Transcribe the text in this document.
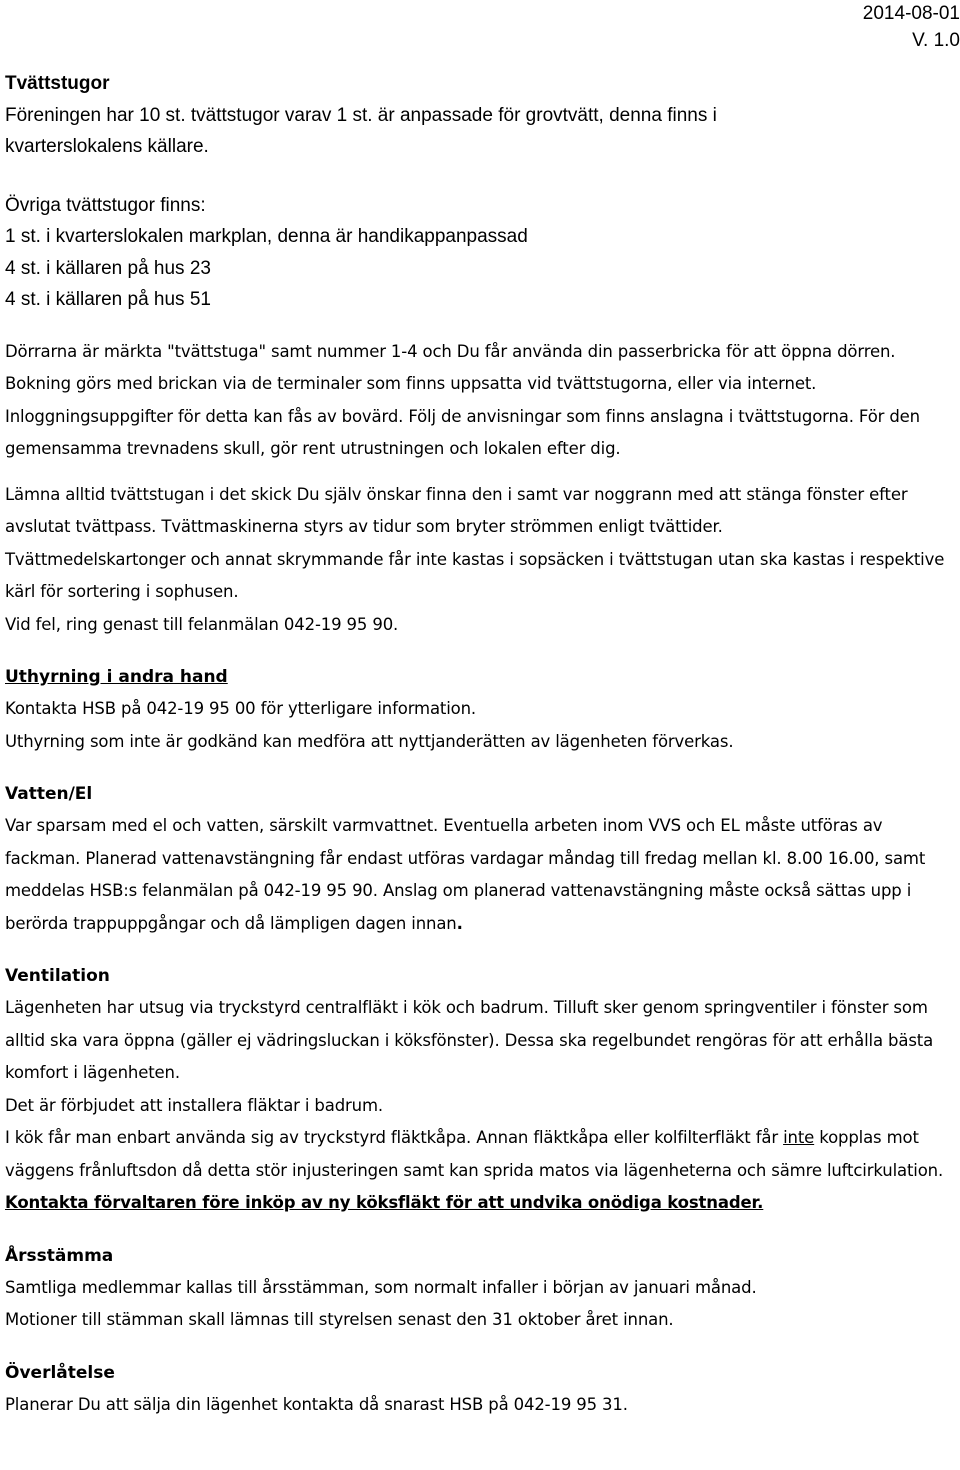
2014-08-01
V. 1.0

Tvättstugor

Föreningen har 10 st. tvättstugor varav 1 st. är anpassade för grovtvätt, denna finns i

kvarterslokalens källare.

Övriga tvättstugor finns:

1 st. i kvarterslokalen markplan, denna är handikappanpassad

4 st. i källaren på hus 23

4 st. i källaren på hus 51

Dörrarna är märkta "tvättstuga" samt nummer 1-4 och Du får använda din passerbricka för att öppna dörren. Bokning görs med brickan via de terminaler som finns uppsatta vid tvättstugorna, eller via internet. Inloggningsuppgifter för detta kan fås av bovärd. Följ de anvisningar som finns anslagna i tvättstugorna. För den gemensamma trevnadens skull, gör rent utrustningen och lokalen efter dig.

Lämna alltid tvättstugan i det skick Du själv önskar finna den i samt var noggrann med att stänga fönster efter avslutat tvättpass. Tvättmaskinerna styrs av tidur som bryter strömmen enligt tvättider.

Tvättmedelskartonger och annat skrymmande får inte kastas i sopsäcken i tvättstugan utan ska kastas i respektive kärl för sortering i sophusen.

Vid fel, ring genast till felanmälan 042-19 95 90.

Uthyrning i andra hand

Kontakta HSB på 042-19 95 00 för ytterligare information.

Uthyrning som inte är godkänd kan medföra att nyttjanderätten av lägenheten förverkas.

Vatten/El

Var sparsam med el och vatten, särskilt varmvattnet. Eventuella arbeten inom VVS och EL måste utföras av fackman. Planerad vattenavstängning får endast utföras vardagar måndag till fredag mellan kl. 8.00 16.00, samt meddelas HSB:s felanmälan på 042-19 95 90. Anslag om planerad vattenavstängning måste också sättas upp i berörda trappuppgångar och då lämpligen dagen innan.

Ventilation

Lägenheten har utsug via tryckstyrd centralfläkt i kök och badrum. Tilluft sker genom springventiler i fönster som alltid ska vara öppna (gäller ej vädringsluckan i köksfönster). Dessa ska regelbundet rengöras för att erhålla bästa komfort i lägenheten.

Det är förbjudet att installera fläktar i badrum.

I kök får man enbart använda sig av tryckstyrd fläktkåpa. Annan fläktkåpa eller kolfilterfläkt får inte kopplas mot väggens frånluftsdon då detta stör injusteringen samt kan sprida matos via lägenheterna och sämre luftcirkulation. Kontakta förvaltaren före inköp av ny köksfläkt för att undvika onödiga kostnader.

Årsstämma

Samtliga medlemmar kallas till årsstämman, som normalt infaller i början av januari månad.

Motioner till stämman skall lämnas till styrelsen senast den 31 oktober året innan.

Överlåtelse

Planerar Du att sälja din lägenhet kontakta då snarast HSB på 042-19 95 31.
